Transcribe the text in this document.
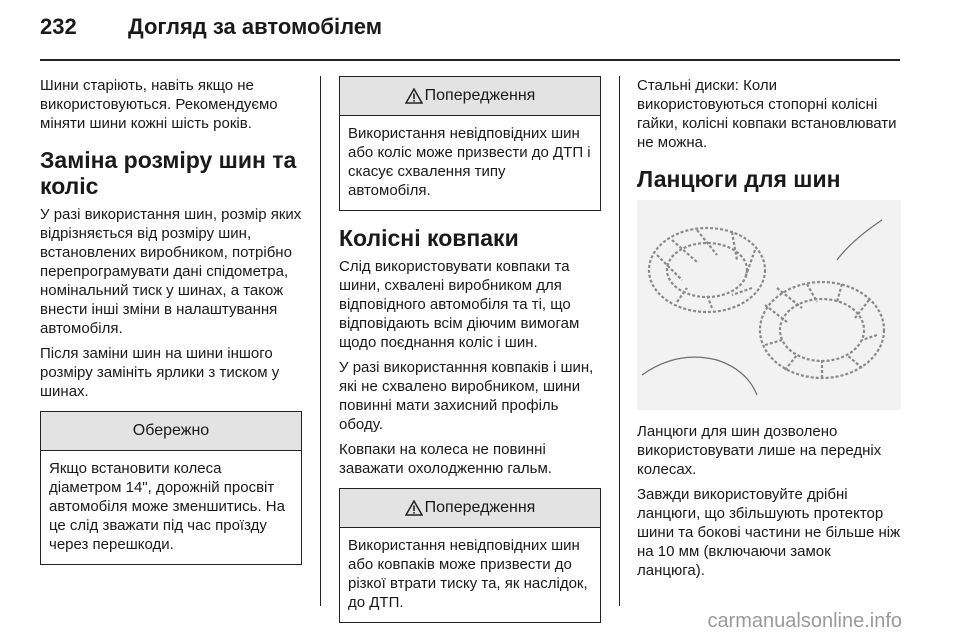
232	Догляд за автомобілем

Шини старіють, навіть якщо не використовуються. Рекомендуємо міняти шини кожні шість років.

Заміна розміру шин та коліс

У разі використання шин, розмір яких відрізняється від розміру шин, встановлених виробником, потрібно перепрограмувати дані спідометра, номінальний тиск у шинах, а також внести інші зміни в налаштування автомобіля.

Після заміни шин на шини іншого розміру замініть ярлики з тиском у шинах.

Обережно
Якщо встановити колеса діаметром 14", дорожній просвіт автомобіля може зменшитись. На це слід зважати під час проїзду через перешкоди.
Попередження
Використання невідповідних шин або коліс може призвести до ДТП і скасує схвалення типу автомобіля.
Колісні ковпаки

Слід використовувати ковпаки та шини, схвалені виробником для відповідного автомобіля та ті, що відповідають всім діючим вимогам щодо поєднання коліс і шин.

У разі використанння ковпаків і шин, які не схвалено виробником, шини повинні мати захисний профіль ободу.

Ковпаки на колеса не повинні заважати охолодженню гальм.

Попередження
Використання невідповідних шин або ковпаків може призвести до різкої втрати тиску та, як наслідок, до ДТП.

Стальні диски: Коли використовуються стопорні колісні гайки, колісні ковпаки встановлювати не можна.

Ланцюги для шин

Ланцюги для шин дозволено використовувати лише на передніх колесах.

Завжди використовуйте дрібні ланцюги, що збільшують протектор шини та бокові частини не більше ніж на 10 мм (включаючи замок ланцюга).

carmanualsonline.info
